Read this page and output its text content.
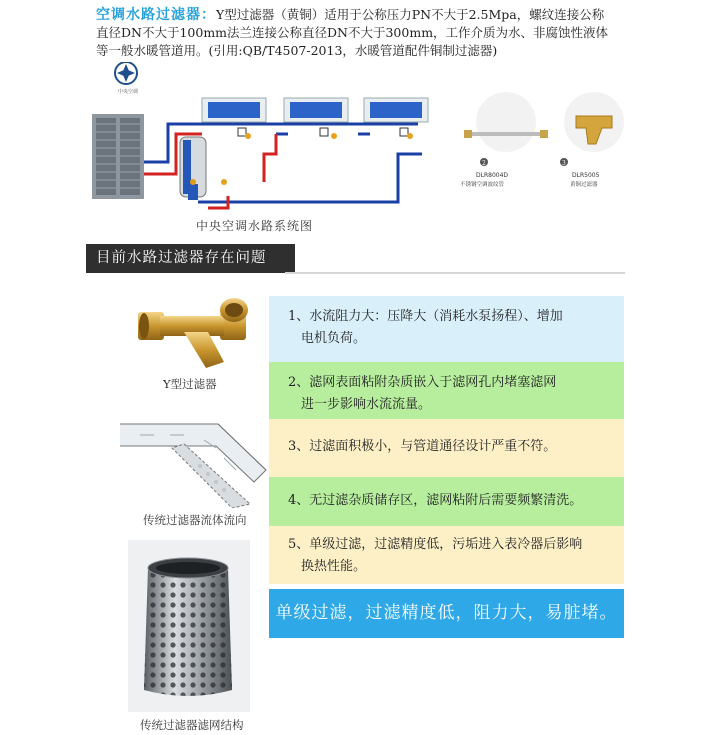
空调水路过滤器：Y型过滤器（黄铜）适用于公称压力PN不大于2.5Mpa，螺纹连接公称直径DN不大于100mm法兰连接公称直径DN不大于300mm，工作介质为水、非腐蚀性液体等一般水暖管道用。(引用:QB/T4507-2013，水暖管道配件铜制过滤器)
中央空调
2
DLR8004D
不锈钢空调波纹管
3
DLR5005
黄铜过滤器
中央空调水路系统图
目前水路过滤器存在问题
Y型过滤器
传统过滤器流体流向
传统过滤器滤网结构
1、水流阻力大：压降大（消耗水泵扬程）、增加
电机负荷。
2、滤网表面粘附杂质嵌入于滤网孔内堵塞滤网
进一步影响水流流量。
3、过滤面积极小，与管道通径设计严重不符。
4、无过滤杂质储存区，滤网粘附后需要频繁清洗。
5、单级过滤，过滤精度低，污垢进入表冷器后影响
换热性能。
单级过滤，过滤精度低，阻力大，易脏堵。
